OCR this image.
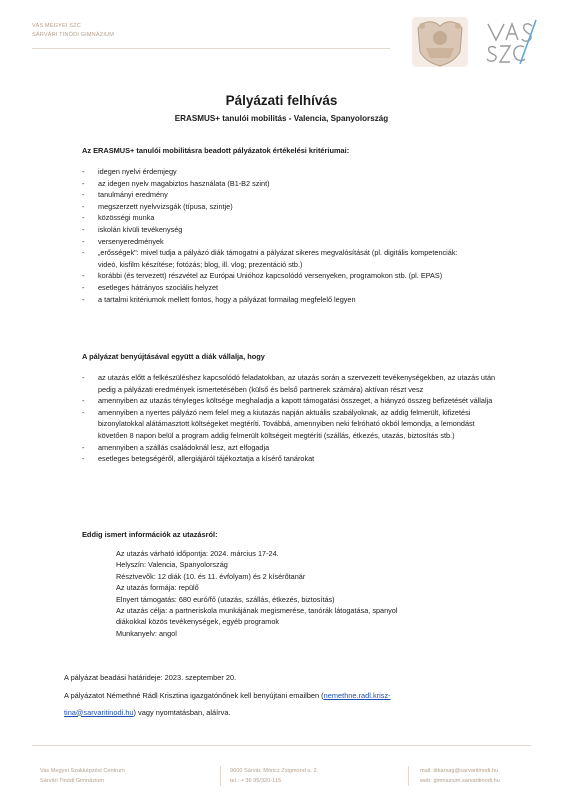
VAS MEGYEI SZC
SÁRVÁRI TINÓDI GIMNÁZIUM
Pályázati felhívás
ERASMUS+ tanulói mobilitás - Valencia, Spanyolország
Az ERASMUS+ tanulói mobilitásra beadott pályázatok értékelési kritériumai:
- idegen nyelvi érdemjegy
- az idegen nyelv magabiztos használata (B1-B2 szint)
- tanulmányi eredmény
- megszerzett nyelvvizsgák (típusa, szintje)
- közösségi munka
- iskolán kívüli tevékenység
- versenyeredmények
- „erősségek": mivel tudja a pályázó diák támogatni a pályázat sikeres megvalósítását (pl. digitális kompetenciák: videó, kisfilm készítése; fotózás; blog, ill. vlog; prezentáció stb.)
- korábbi (és tervezett) részvétel az Európai Unióhoz kapcsolódó versenyeken, programokon stb. (pl. EPAS)
- esetleges hátrányos szociális helyzet
- a tartalmi kritériumok mellett fontos, hogy a pályázat formailag megfelelő legyen
A pályázat benyújtásával együtt a diák vállalja, hogy
- az utazás előtt a felkészüléshez kapcsolódó feladatokban, az utazás során a szervezett tevékenységekben, az utazás után pedig a pályázati eredmények ismertetésében (külső és belső partnerek számára) aktívan részt vesz
- amennyiben az utazás tényleges költsége meghaladja a kapott támogatási összeget, a hiányzó összeg befizetését vállalja
- amennyiben a nyertes pályázó nem felel meg a kiutazás napján aktuális szabályoknak, az addig felmerült, kifizetési bizonylatokkal alátámasztott költségeket megtéríti. Továbbá, amennyiben neki felróható okból lemondja, a lemondást követően 8 napon belül a program addig felmerült költségeit megtéríti (szállás, étkezés, utazás, biztosítás stb.)
- amennyiben a szállás családoknál lesz, azt elfogadja
- esetleges betegségéről, allergiájáról tájékoztatja a kísérő tanárokat
Eddig ismert információk az utazásról:
Az utazás várható időpontja: 2024. március 17-24.
Helyszín: Valencia, Spanyolország
Résztvevők: 12 diák (10. és 11. évfolyam) és 2 kísérőtanár
Az utazás formája: repülő
Elnyert támogatás: 680 euró/fő (utazás, szállás, étkezés, biztosítás)
Az utazás célja: a partneriskola munkájának megismerése, tanórák látogatása, spanyol
diákokkal közös tevékenységek, egyéb programok
Munkanyelv: angol
A pályázat beadási határideje: 2023. szeptember 20.
A pályázatot Némethné Rádl Krisztina igazgatónőnek kell benyújtani emailben (nemethne.radl.krisz-
tina@sarvaritinodi.hu) vagy nyomtatásban, aláírva.
Vas Megyei Szakképzési Centrum
Sárvári Tinódi Gimnázium
9600 Sárvár, Móricz Zsigmond u. 2.
tel.: + 36 95/320-115
mail: titkarsag@sarvaritinodi.hu
web: gimnazium.sarvaritinodi.hu
